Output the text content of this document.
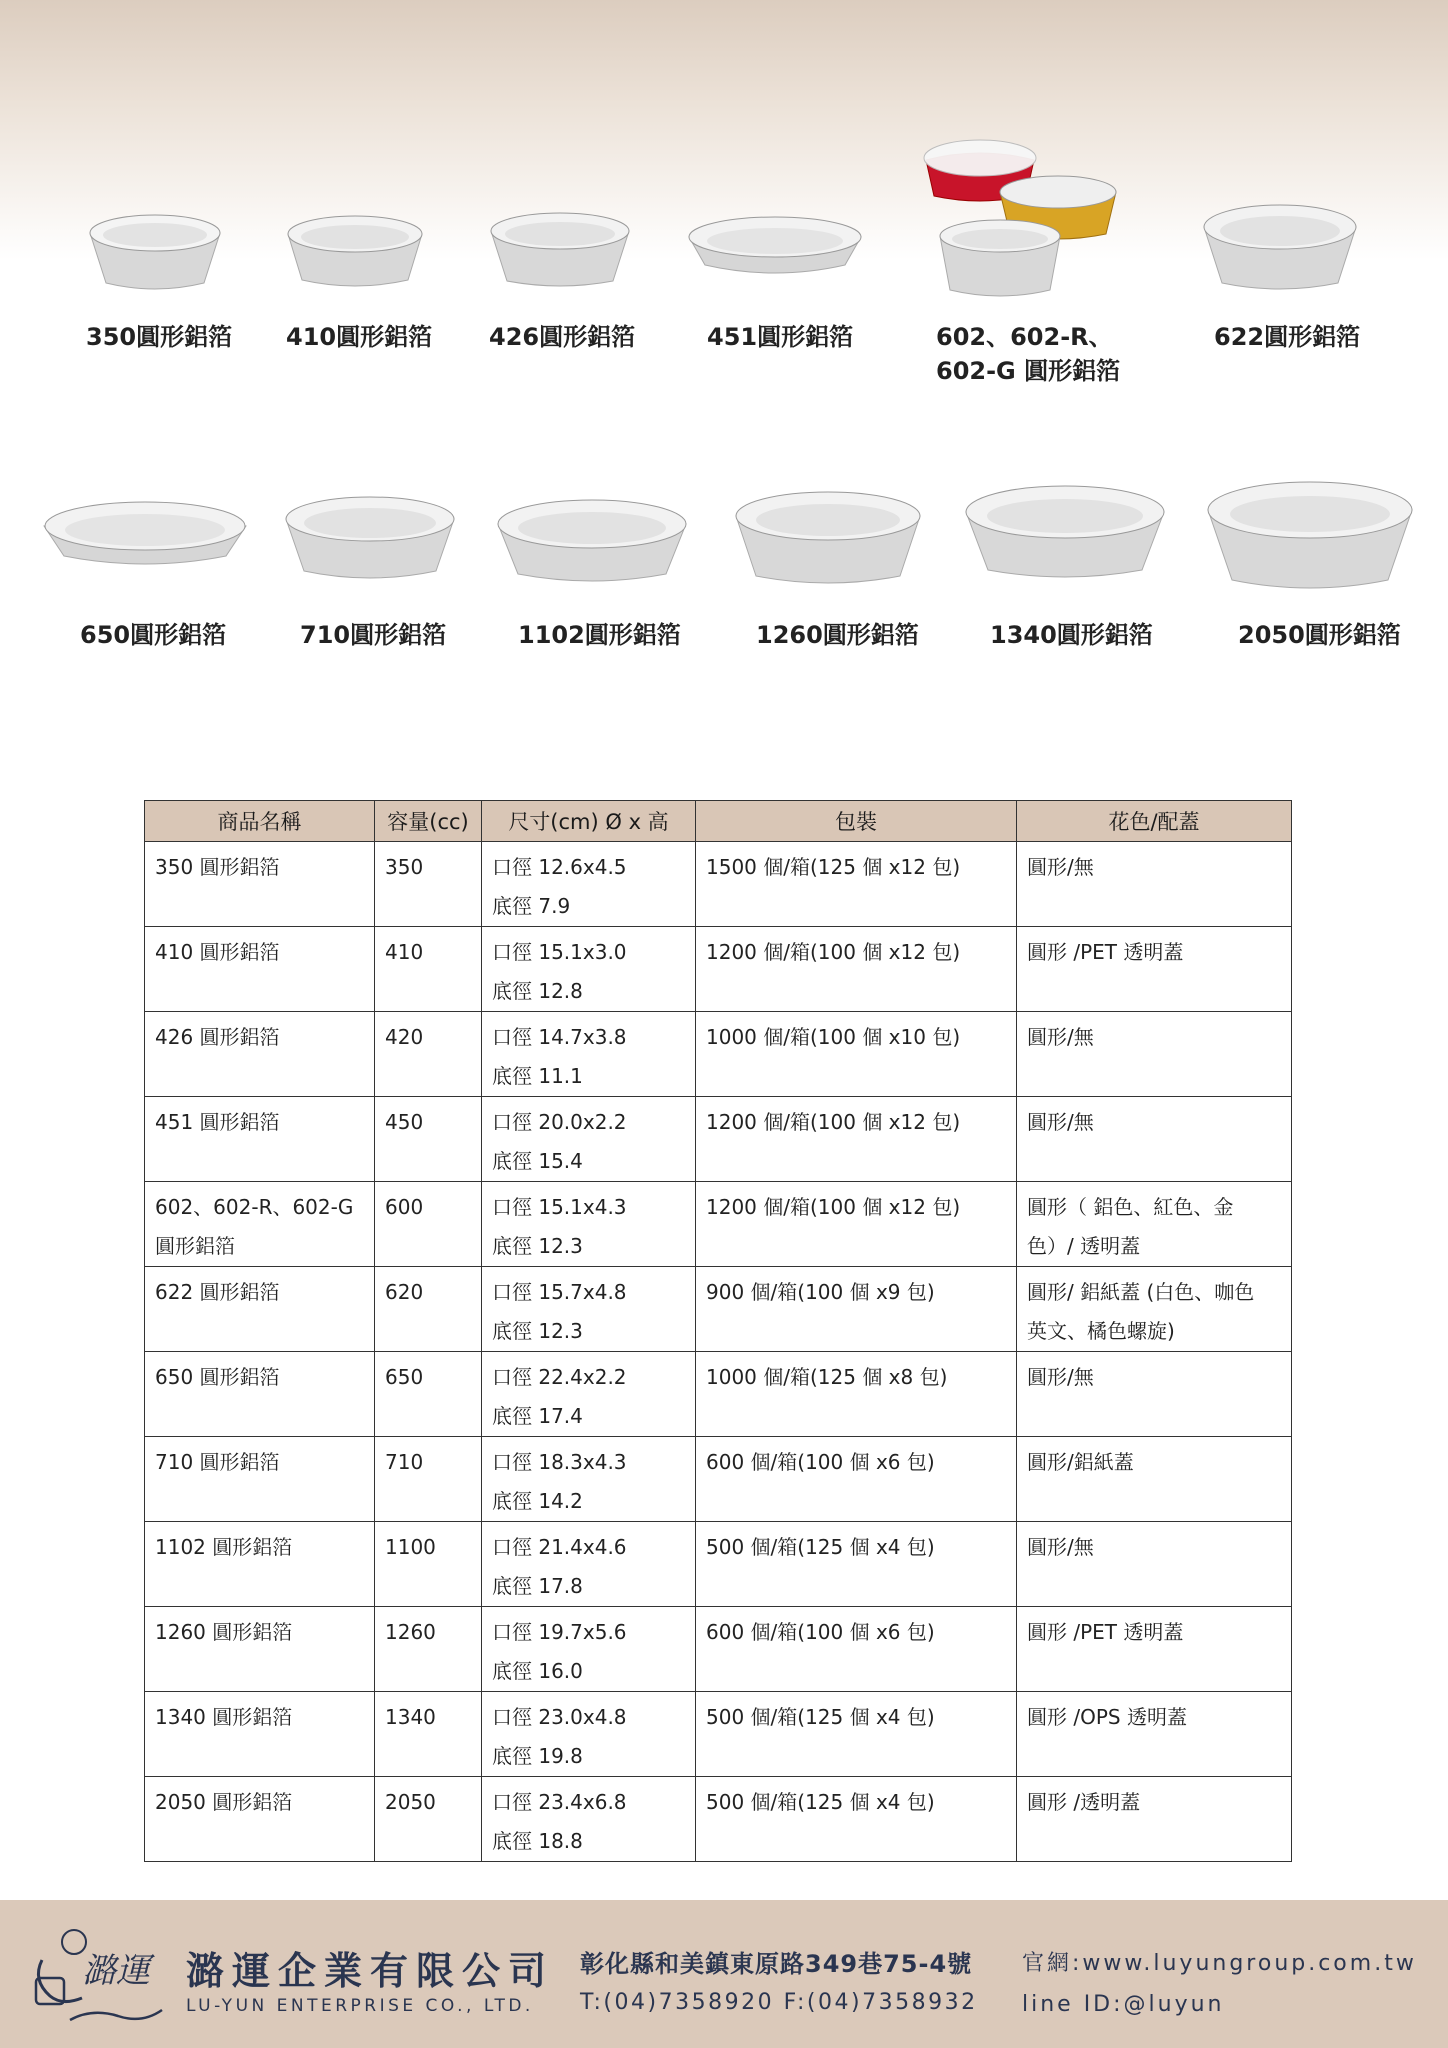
350圓形鋁箔 410圓形鋁箔 426圓形鋁箔	451圓形鋁箔	602、602-R、
602-G 圓形鋁箔
622圓形鋁箔
650圓形鋁箔	710圓形鋁箔	1102圓形鋁箔	1260圓形鋁箔	1340圓形鋁箔	2050圓形鋁箔
商品名稱	容量(cc)	尺寸(cm) Ø x 高	包裝	花色/配蓋
350 圓形鋁箔	350	口徑 12.6x4.5
底徑 7.9	1500 個/箱(125 個 x12 包)	圓形/無

410 圓形鋁箔	410	口徑 15.1x3.0
底徑 12.8	1200 個/箱(100 個 x12 包)	圓形 /PET 透明蓋

426 圓形鋁箔	420	口徑 14.7x3.8
底徑 11.1	1000 個/箱(100 個 x10 包)	圓形/無

451 圓形鋁箔	450	口徑 20.0x2.2
底徑 15.4	1200 個/箱(100 個 x12 包)	圓形/無

602、602-R、602-G
圓形鋁箔	600	口徑 15.1x4.3
底徑 12.3	1200 個/箱(100 個 x12 包)	圓形（ 鋁色、紅色、金
色）/ 透明蓋
622 圓形鋁箔	620	口徑 15.7x4.8
底徑 12.3	900 個/箱(100 個 x9 包)	圓形/ 鋁紙蓋 (白色、咖色
英文、橘色螺旋)
650 圓形鋁箔	650	口徑 22.4x2.2
底徑 17.4	1000 個/箱(125 個 x8 包)	圓形/無

710 圓形鋁箔	710	口徑 18.3x4.3
底徑 14.2	600 個/箱(100 個 x6 包)	圓形/鋁紙蓋

1102 圓形鋁箔	1100	口徑 21.4x4.6
底徑 17.8	500 個/箱(125 個 x4 包)	圓形/無

1260 圓形鋁箔	1260	口徑 19.7x5.6
底徑 16.0	600 個/箱(100 個 x6 包)	圓形 /PET 透明蓋

1340 圓形鋁箔	1340	口徑 23.0x4.8
底徑 19.8	500 個/箱(125 個 x4 包)	圓形 /OPS 透明蓋

2050 圓形鋁箔	2050	口徑 23.4x6.8
底徑 18.8	500 個/箱(125 個 x4 包)	圓形 /透明蓋

潞運 潞運企業有限公司
LU-YUN ENTERPRISE CO., LTD.
彰化縣和美鎮東原路349巷75-4號 官網:www.luyungroup.com.tw
T:(04)7358920 F:(04)7358932 line ID:@luyun
